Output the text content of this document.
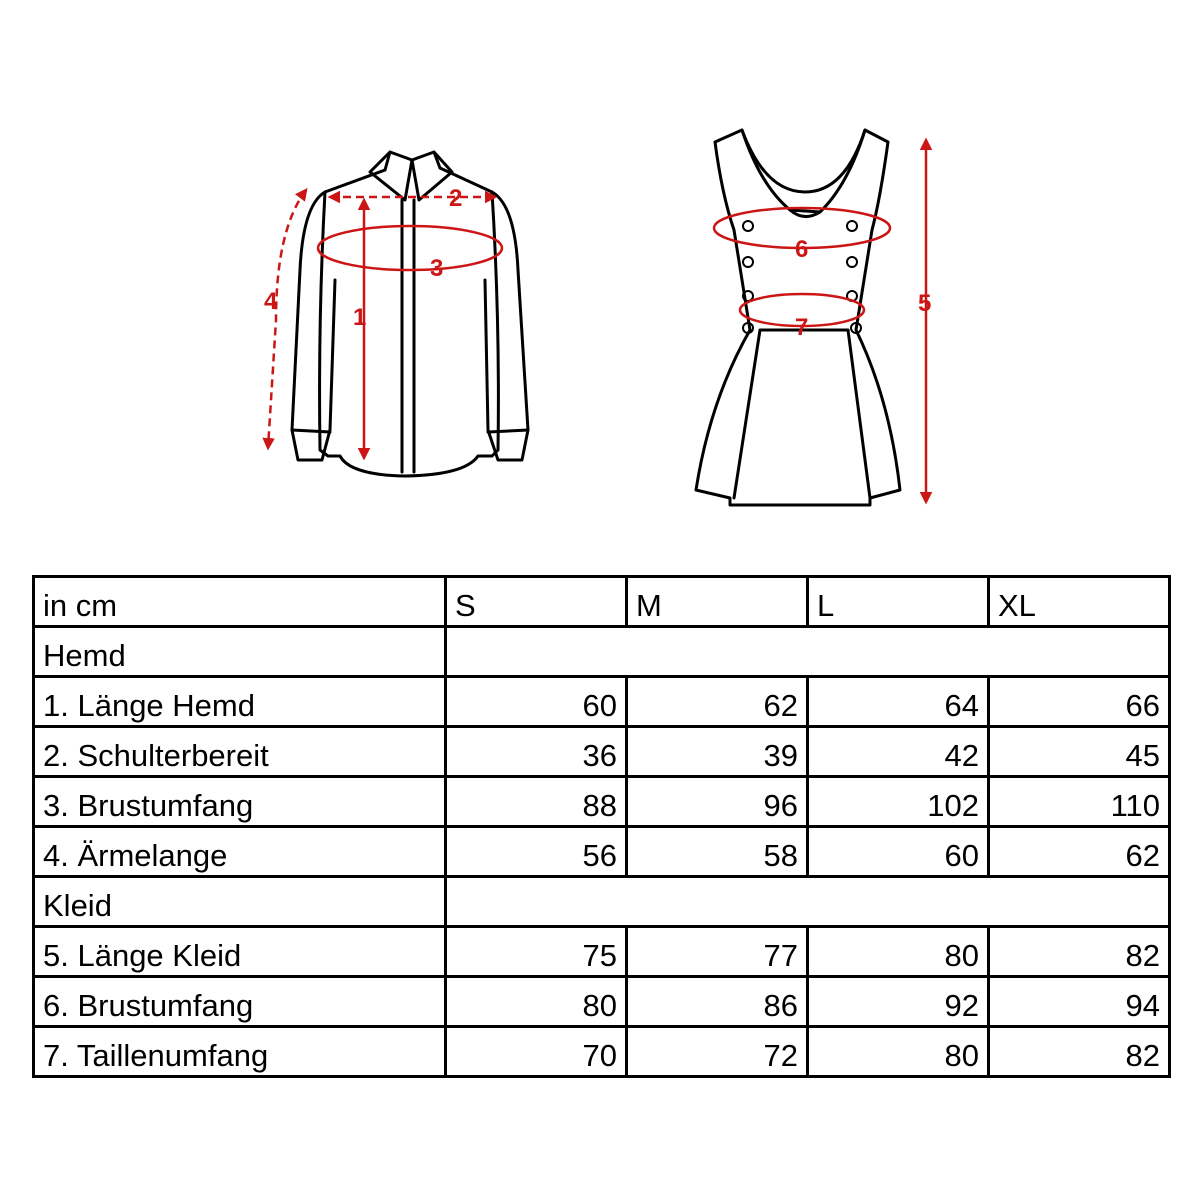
1
2
3
4	5
6
7
in cm	S	M	L	XL
Hemd				
1. Länge Hemd	60	62	64	66
2. Schulterbereit	36	39	42	45
3. Brustumfang	88	96	102	110
4. Ärmelange	56	58	60	62
Kleid				
5. Länge Kleid	75	77	80	82
6. Brustumfang	80	86	92	94
7. Taillenumfang	70	72	80	82
